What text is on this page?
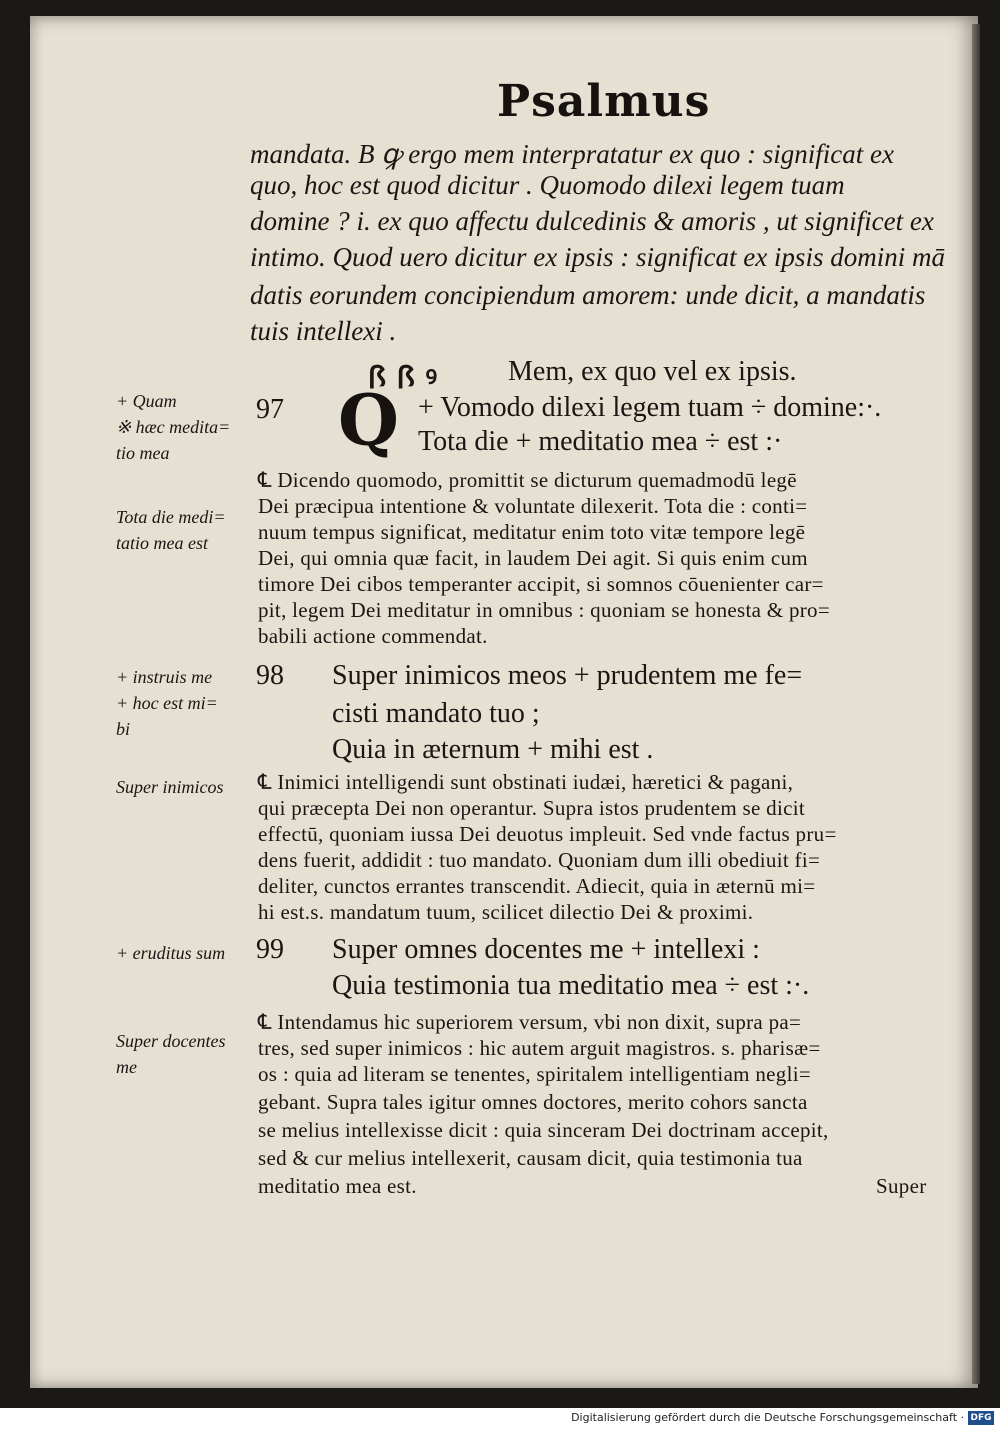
Psalmus
mandata. B ꝙ ergo mem interpratatur ex quo : significat ex
quo, hoc est quod dicitur . Quomodo dilexi legem tuam
domine ? i. ex quo affectu dulcedinis & amoris , ut significet ex
intimo. Quod uero dicitur ex ipsis : significat ex ipsis domini mā
datis eorundem concipiendum amorem: unde dicit, a mandatis
tuis intellexi .
ꟗ ꟗ ꝰ	Mem, ex quo vel ex ipsis.
+ Quam
※ hæc medita=
tio mea
97 Q + Vomodo dilexi legem tuam ÷ domine:·.
Tota die + meditatio mea ÷ est :·
Tota die medi=
tatio mea est
℄ Dicendo quomodo, promittit se dicturum quemadmodū legē
Dei præcipua intentione & voluntate dilexerit. Tota die : conti=
nuum tempus significat, meditatur enim toto vitæ tempore legē
Dei, qui omnia quæ facit, in laudem Dei agit. Si quis enim cum
timore Dei cibos temperanter accipit, si somnos cōuenienter car=
pit, legem Dei meditatur in omnibus : quoniam se honesta & pro=
babili actione commendat.
+ instruis me
+ hoc est mi=
bi
98 Super inimicos meos + prudentem me fe=
cisti mandato tuo ;
Quia in æternum + mihi est .
Super inimicos	℄ Inimici intelligendi sunt obstinati iudæi, hæretici & pagani,
qui præcepta Dei non operantur. Supra istos prudentem se dicit
effectū, quoniam iussa Dei deuotus impleuit. Sed vnde factus pru=
dens fuerit, addidit : tuo mandato. Quoniam dum illi obediuit fi=
deliter, cunctos errantes transcendit. Adiecit, quia in æternū mi=
hi est.s. mandatum tuum, scilicet dilectio Dei & proximi.
+ eruditus sum	99 Super omnes docentes me + intellexi :
Quia testimonia tua meditatio mea ÷ est :·.
Super docentes
me
℄ Intendamus hic superiorem versum, vbi non dixit, supra pa=
tres, sed super inimicos : hic autem arguit magistros. s. pharisæ=
os : quia ad literam se tenentes, spiritalem intelligentiam negli=
gebant. Supra tales igitur omnes doctores, merito cohors sancta
se melius intellexisse dicit : quia sinceram Dei doctrinam accepit,
sed & cur melius intellexerit, causam dicit, quia testimonia tua
meditatio mea est.	Super
Digitalisierung gefördert durch die Deutsche Forschungsgemeinschaft · DFG
